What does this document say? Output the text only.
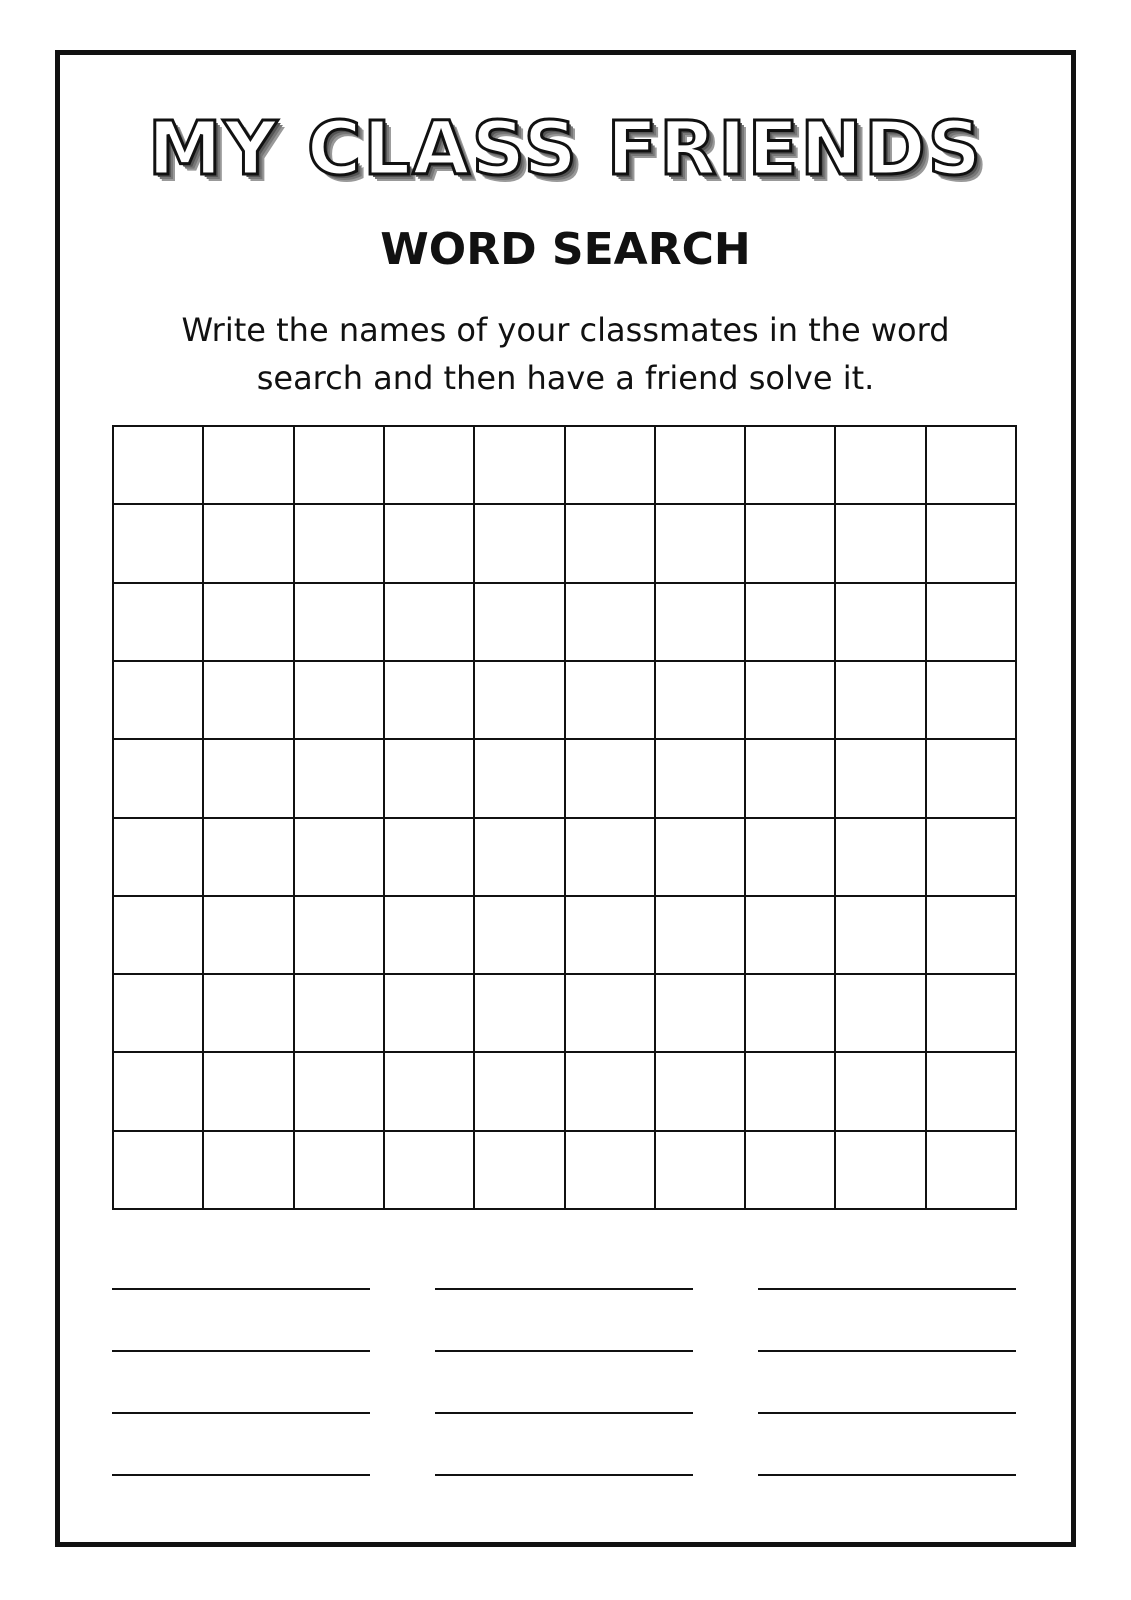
MY CLASS FRIENDS
WORD SEARCH

Write the names of your classmates in the word search and then have a friend solve it.
